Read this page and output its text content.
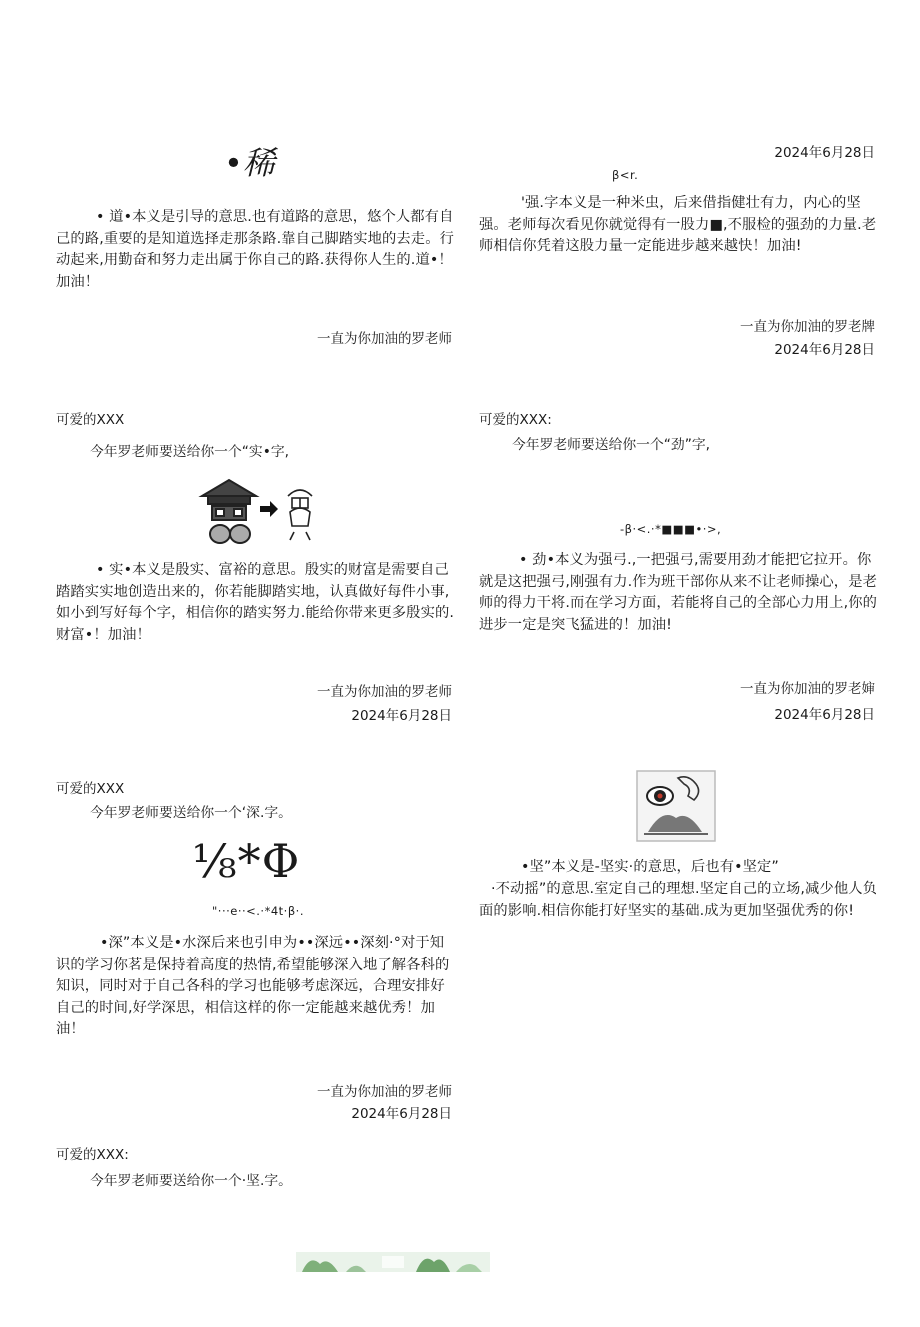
•稀
• 道•本义是引导的意思.也有道路的意思，悠个人都有自己的路,重要的是知道选择走那条路.靠自己脚踏实地的去走。行动起来,用勤奋和努力走出属于你自己的路.获得你人生的.道•！加油！
一直为你加油的罗老师
可爱的XXX
今年罗老师要送给你一个“实•字,
• 实•本义是殷实、富裕的意思。殷实的财富是需要自己踏踏实实地创造出来的，你若能脚踏实地，认真做好每件小事,如小到写好每个字，相信你的踏实努力.能给你带来更多殷实的.财富•！加油！
一直为你加油的罗老师
2024年6月28日
可爱的XXX
今年罗老师要送给你一个‘深.字。
⅛*Φ
"···e··<.·*4t·β·.
•深”本义是•水深后来也引申为••深远••深刻·°对于知识的学习你茗是保持着高度的热情,希望能够深入地了解各科的知识，同时对于自己各科的学习也能够考虑深远，合理安排好自己的时间,好学深思，相信这样的你一定能越来越优秀！加油！
一直为你加油的罗老师
2024年6月28日
可爱的XXX:
今年罗老师要送给你一个·坚.字。
2024年6月28日
β<r.
'强.字本义是一种米虫，后来借指健壮有力，内心的坚强。老师每次看见你就觉得有一股力■,不服检的强劲的力量.老师相信你凭着这股力量一定能进步越来越快！加油!
一直为你加油的罗老牌
2024年6月28日
可爱的XXX:
今年罗老师要送给你一个“劲”字,
-β·<.·*■■■•·>,
• 劲•本义为强弓.,一把强弓,需要用劲才能把它拉开。你就是这把强弓,刚强有力.作为班干部你从来不让老师操心，是老师的得力干将.而在学习方面，若能将自己的全部心力用上,你的进步一定是突飞猛进的！加油!
一直为你加油的罗老婶
2024年6月28日
•坚”本义是-坚实·的意思，后也有•坚定”
·不动摇”的意思.室定自己的理想.坚定自己的立场,减少他人负面的影响.相信你能打好坚实的基础.成为更加坚强优秀的你!
